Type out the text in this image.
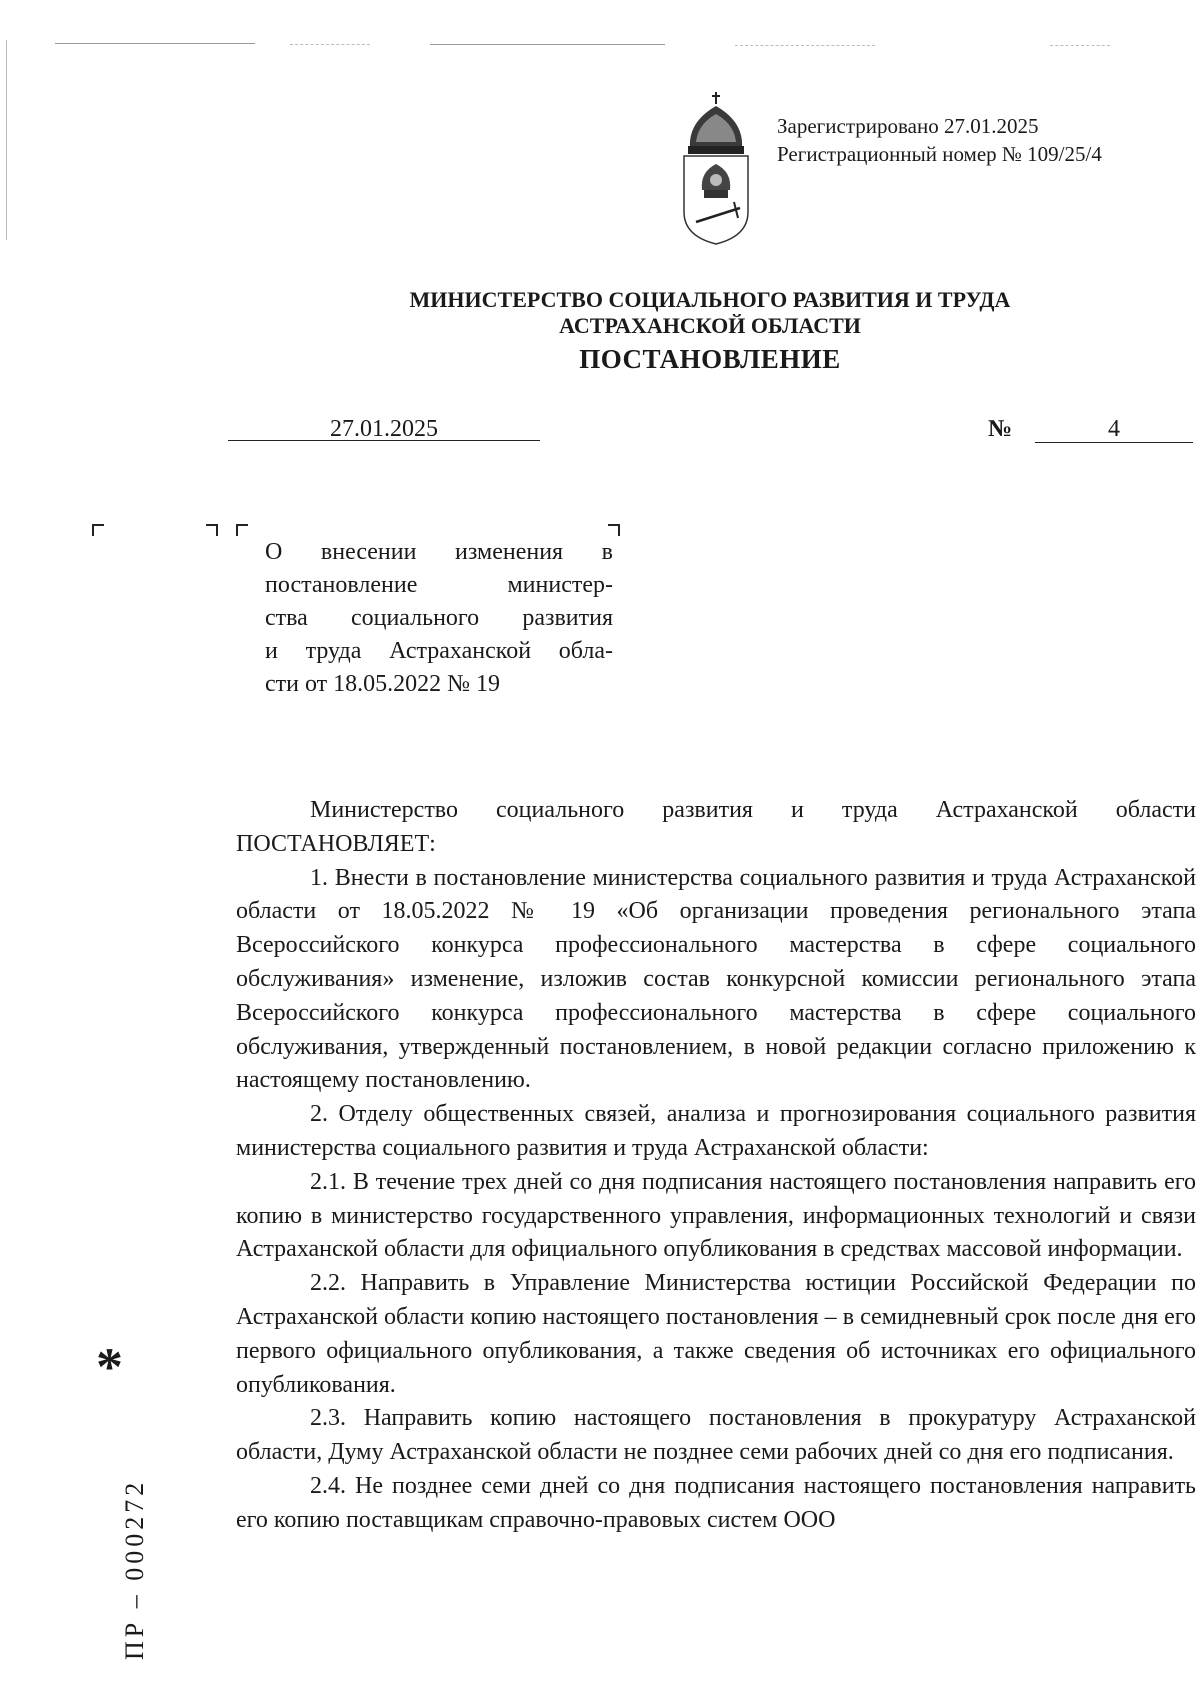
Зарегистрировано 27.01.2025
Регистрационный номер № 109/25/4
МИНИСТЕРСТВО СОЦИАЛЬНОГО РАЗВИТИЯ И ТРУДА
АСТРАХАНСКОЙ ОБЛАСТИ
ПОСТАНОВЛЕНИЕ
27.01.2025	№	4
О внесении изменения в
постановление министер-
ства социального развития
и труда Астраханской обла-
сти от 18.05.2022 № 19

Министерство социального развития и труда Астраханской области ПОСТАНОВЛЯЕТ:

1. Внести в постановление министерства социального развития и труда Астраханской области от 18.05.2022 № 19 «Об организации проведения регионального этапа Всероссийского конкурса профессионального мастерства в сфере социального обслуживания» изменение, изложив состав конкурсной комиссии регионального этапа Всероссийского конкурса профессионального мастерства в сфере социального обслуживания, утвержденный постановлением, в новой редакции согласно приложению к настоящему постановлению.

2. Отделу общественных связей, анализа и прогнозирования социального развития министерства социального развития и труда Астраханской области:

2.1. В течение трех дней со дня подписания настоящего постановления направить его копию в министерство государственного управления, информационных технологий и связи Астраханской области для официального опубликования в средствах массовой информации.

2.2. Направить в Управление Министерства юстиции Российской Федерации по Астраханской области копию настоящего постановления – в семидневный срок после дня его первого официального опубликования, а также сведения об источниках его официального опубликования.

2.3. Направить копию настоящего постановления в прокуратуру Астраханской области, Думу Астраханской области не позднее семи рабочих дней со дня его подписания.

2.4. Не позднее семи дней со дня подписания настоящего постановления направить его копию поставщикам справочно-правовых систем ООО

*
ПР – 000272
